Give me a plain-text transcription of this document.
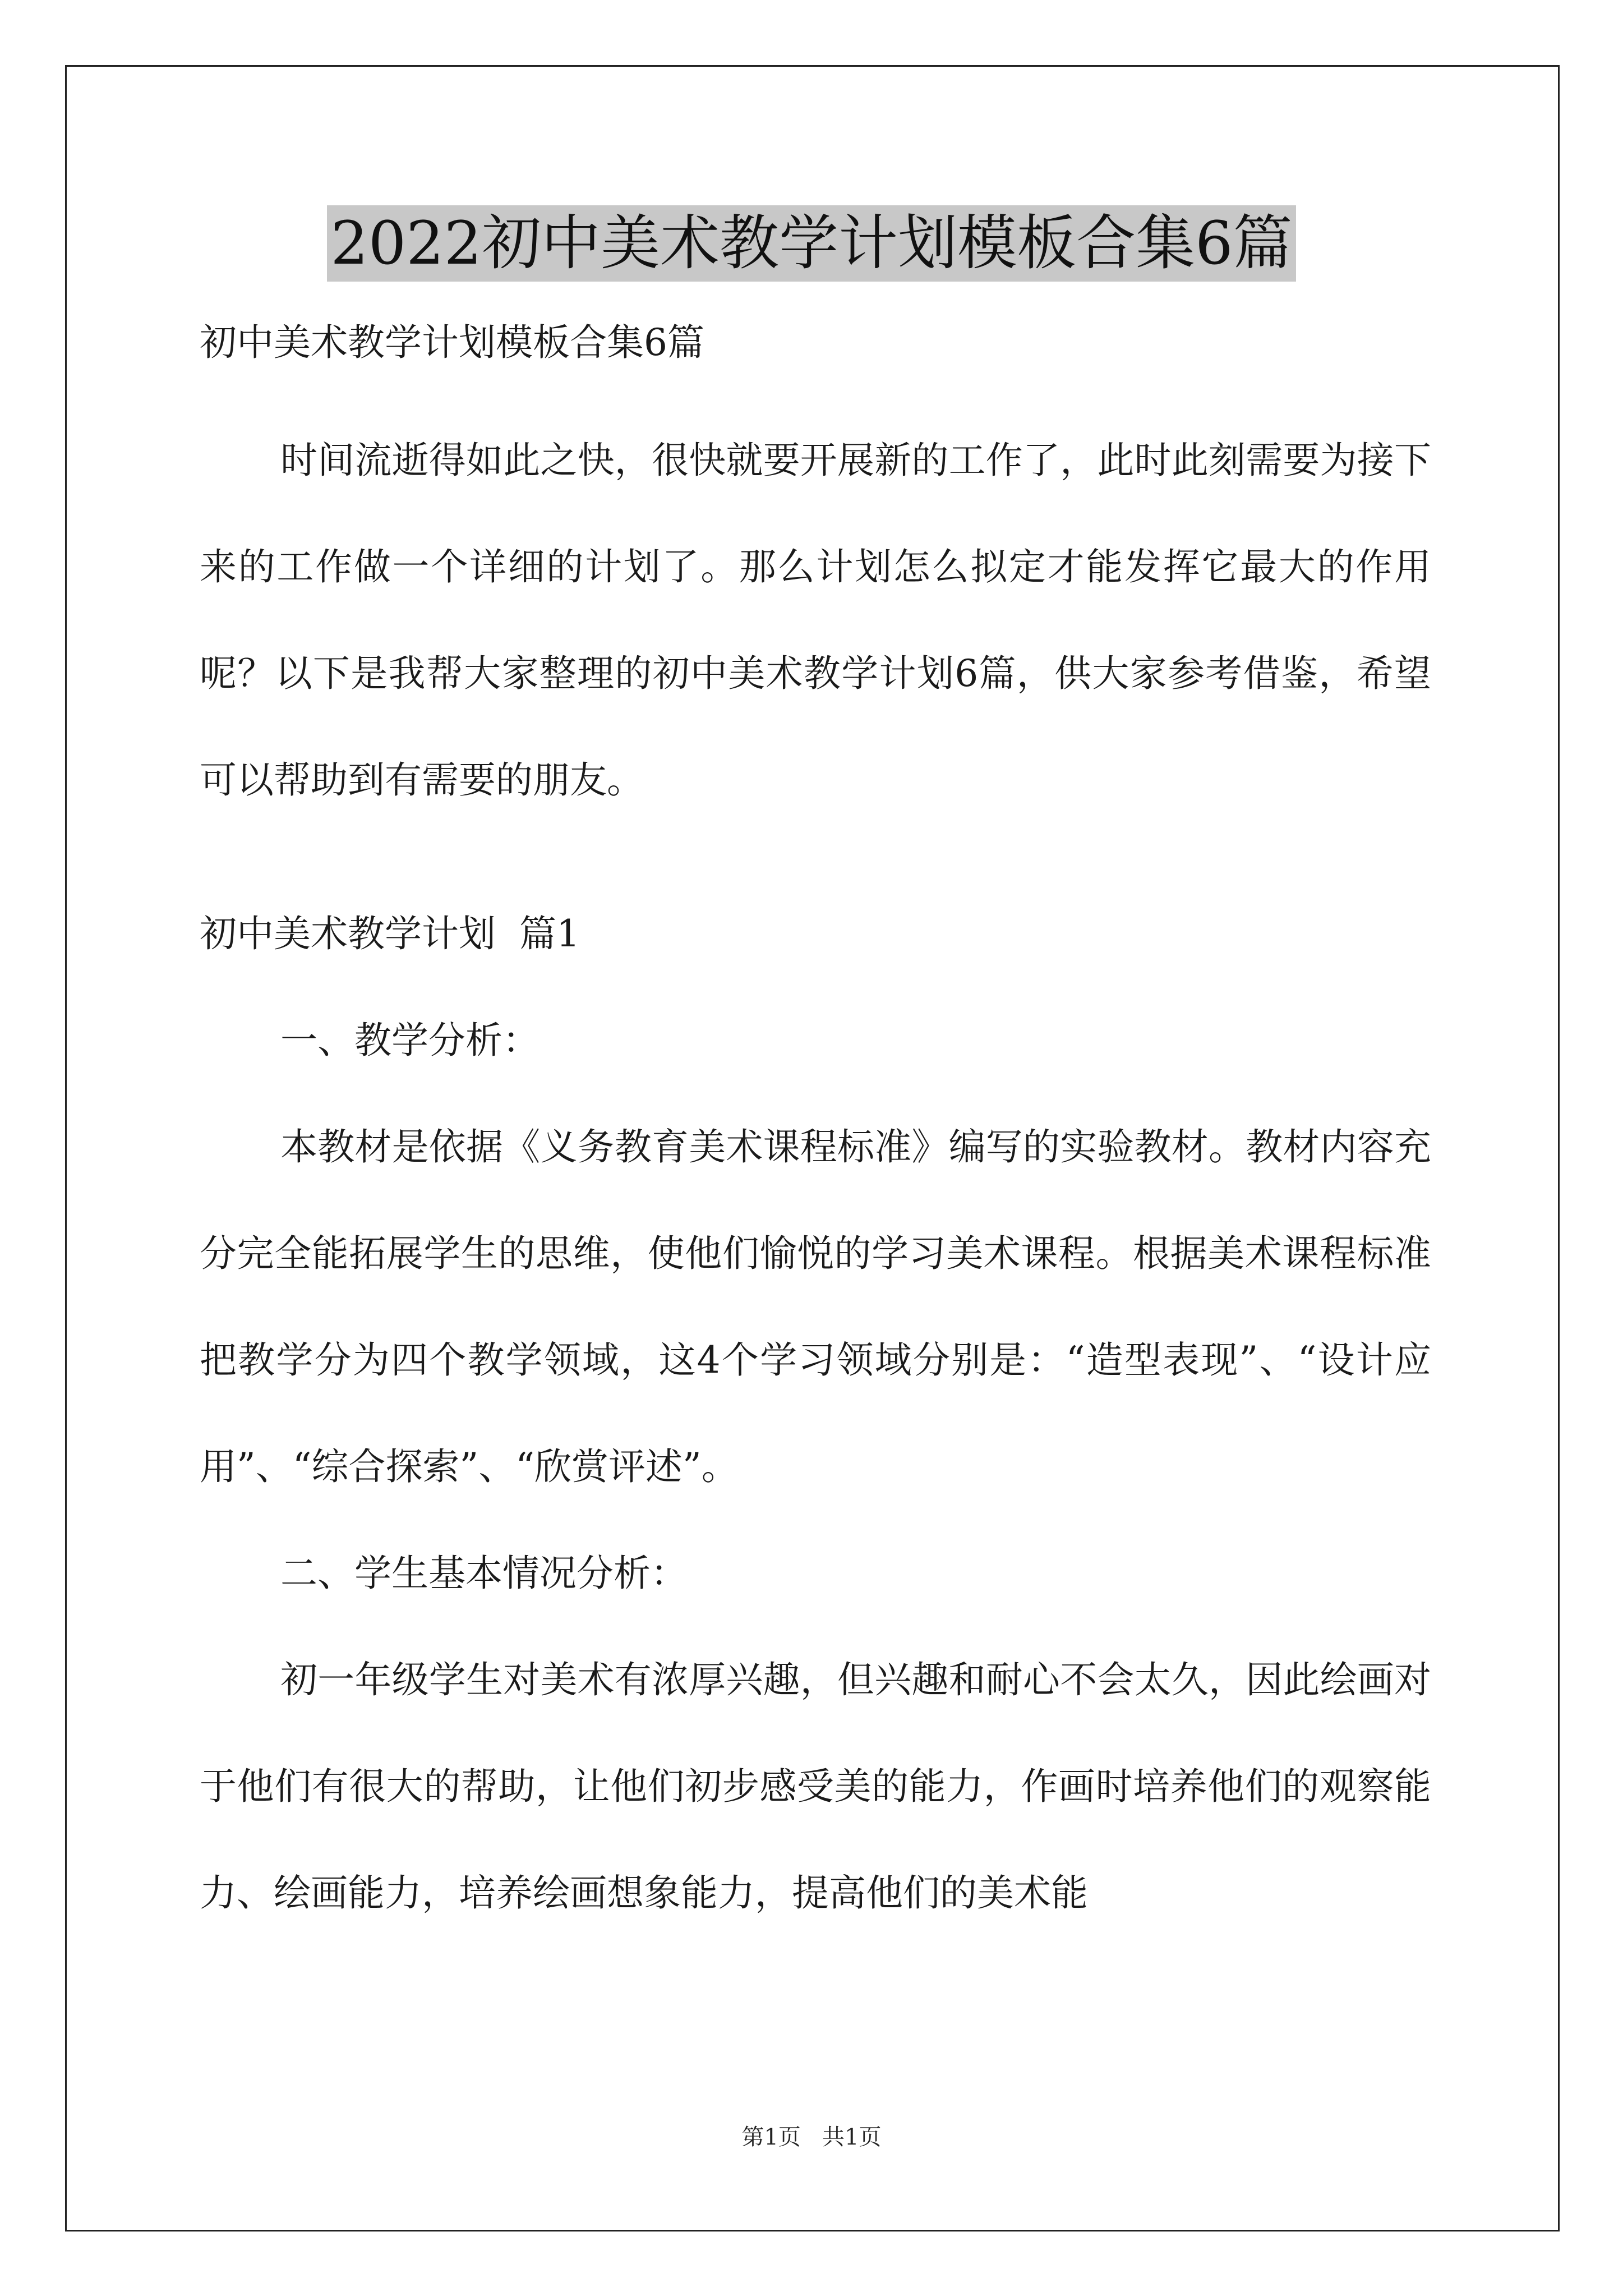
2022初中美术教学计划模板合集6篇

初中美术教学计划模板合集6篇

时间流逝得如此之快，很快就要开展新的工作了，此时此刻需要为接下来的工作做一个详细的计划了。那么计划怎么拟定才能发挥它最大的作用呢？以下是我帮大家整理的初中美术教学计划6篇，供大家参考借鉴，希望可以帮助到有需要的朋友。

初中美术教学计划  篇1

一、教学分析：

本教材是依据《义务教育美术课程标准》编写的实验教材。教材内容充分完全能拓展学生的思维，使他们愉悦的学习美术课程。根据美术课程标准把教学分为四个教学领域，这4个学习领域分别是：“造型表现”、“设计应用”、“综合探索”、“欣赏评述”。

二、学生基本情况分析：

初一年级学生对美术有浓厚兴趣，但兴趣和耐心不会太久，因此绘画对于他们有很大的帮助，让他们初步感受美的能力，作画时培养他们的观察能力、绘画能力，培养绘画想象能力，提高他们的美术能

第1页   共1页
